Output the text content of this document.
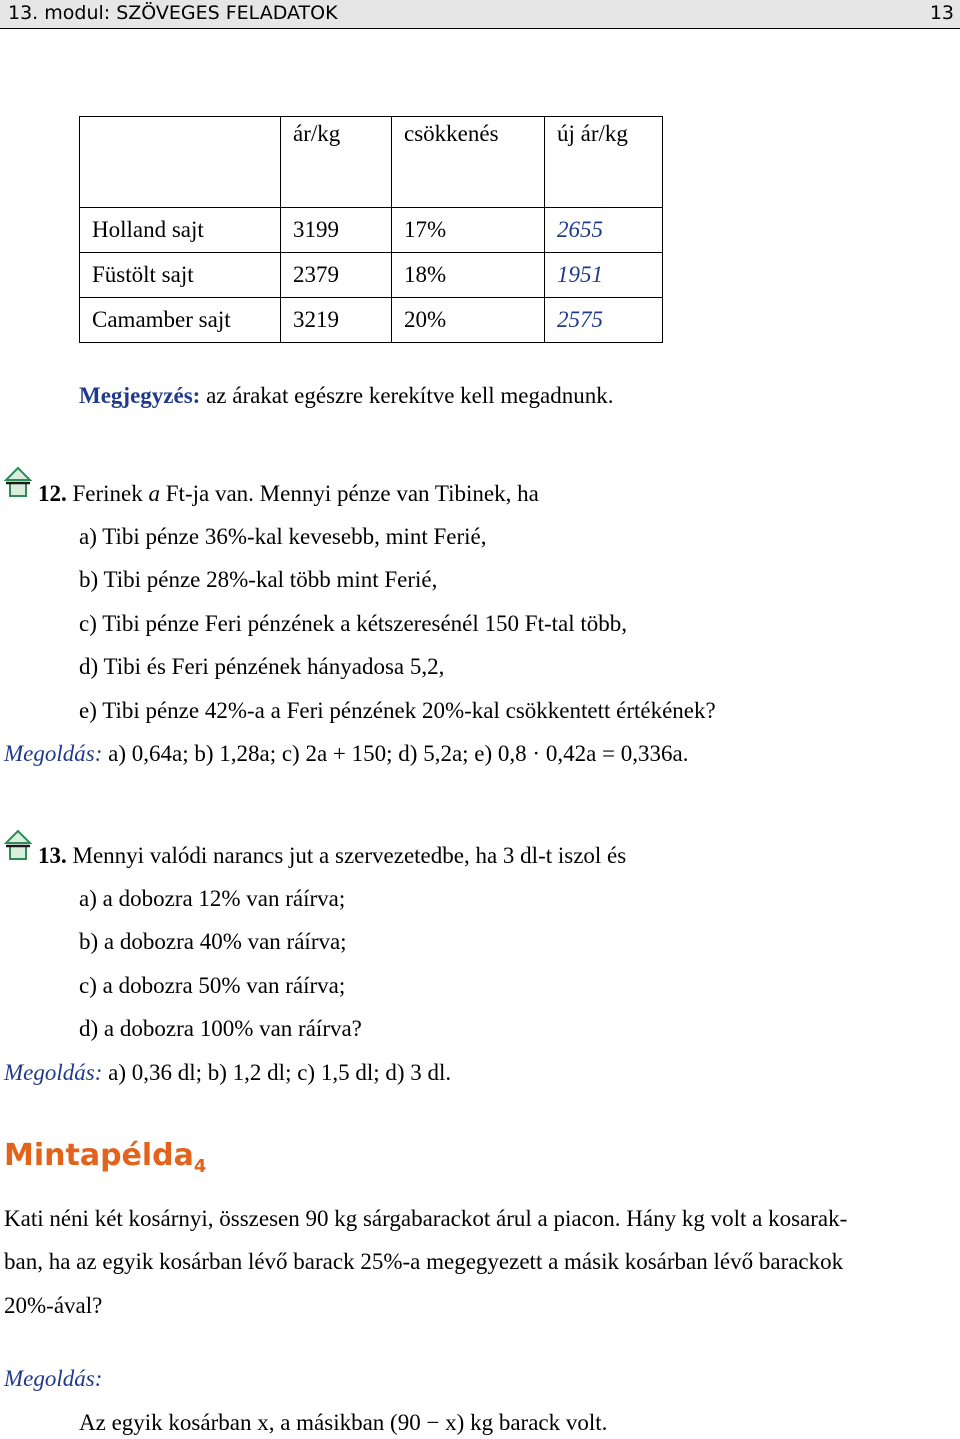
13. modul: SZÖVEGES FELADATOK	13
	ár/kg	csökkenés	új ár/kg
Holland sajt	3199	17%	2655
Füstölt sajt	2379	18%	1951
Camamber sajt	3219	20%	2575
Megjegyzés: az árakat egészre kerekítve kell megadnunk.
12. Ferinek a Ft-ja van. Mennyi pénze van Tibinek, ha
a) Tibi pénze 36%-kal kevesebb, mint Ferié,
b) Tibi pénze 28%-kal több mint Ferié,
c) Tibi pénze Feri pénzének a kétszeresénél 150 Ft-tal több,
d) Tibi és Feri pénzének hányadosa 5,2,
e) Tibi pénze 42%-a a Feri pénzének 20%-kal csökkentett értékének?
Megoldás: a) 0,64a; b) 1,28a; c) 2a + 150; d) 5,2a; e) 0,8 · 0,42a = 0,336a.
13. Mennyi valódi narancs jut a szervezetedbe, ha 3 dl-t iszol és
a) a dobozra 12% van ráírva;
b) a dobozra 40% van ráírva;
c) a dobozra 50% van ráírva;
d) a dobozra 100% van ráírva?
Megoldás: a) 0,36 dl; b) 1,2 dl; c) 1,5 dl; d) 3 dl.
Mintapélda$_4$
Kati néni két kosárnyi, összesen 90 kg sárgabarackot árul a piacon. Hány kg volt a kosarak-
ban, ha az egyik kosárban lévő barack 25%-a megegyezett a másik kosárban lévő barackok
20%-ával?
Megoldás:
Az egyik kosárban x, a másikban (90 − x) kg barack volt.
